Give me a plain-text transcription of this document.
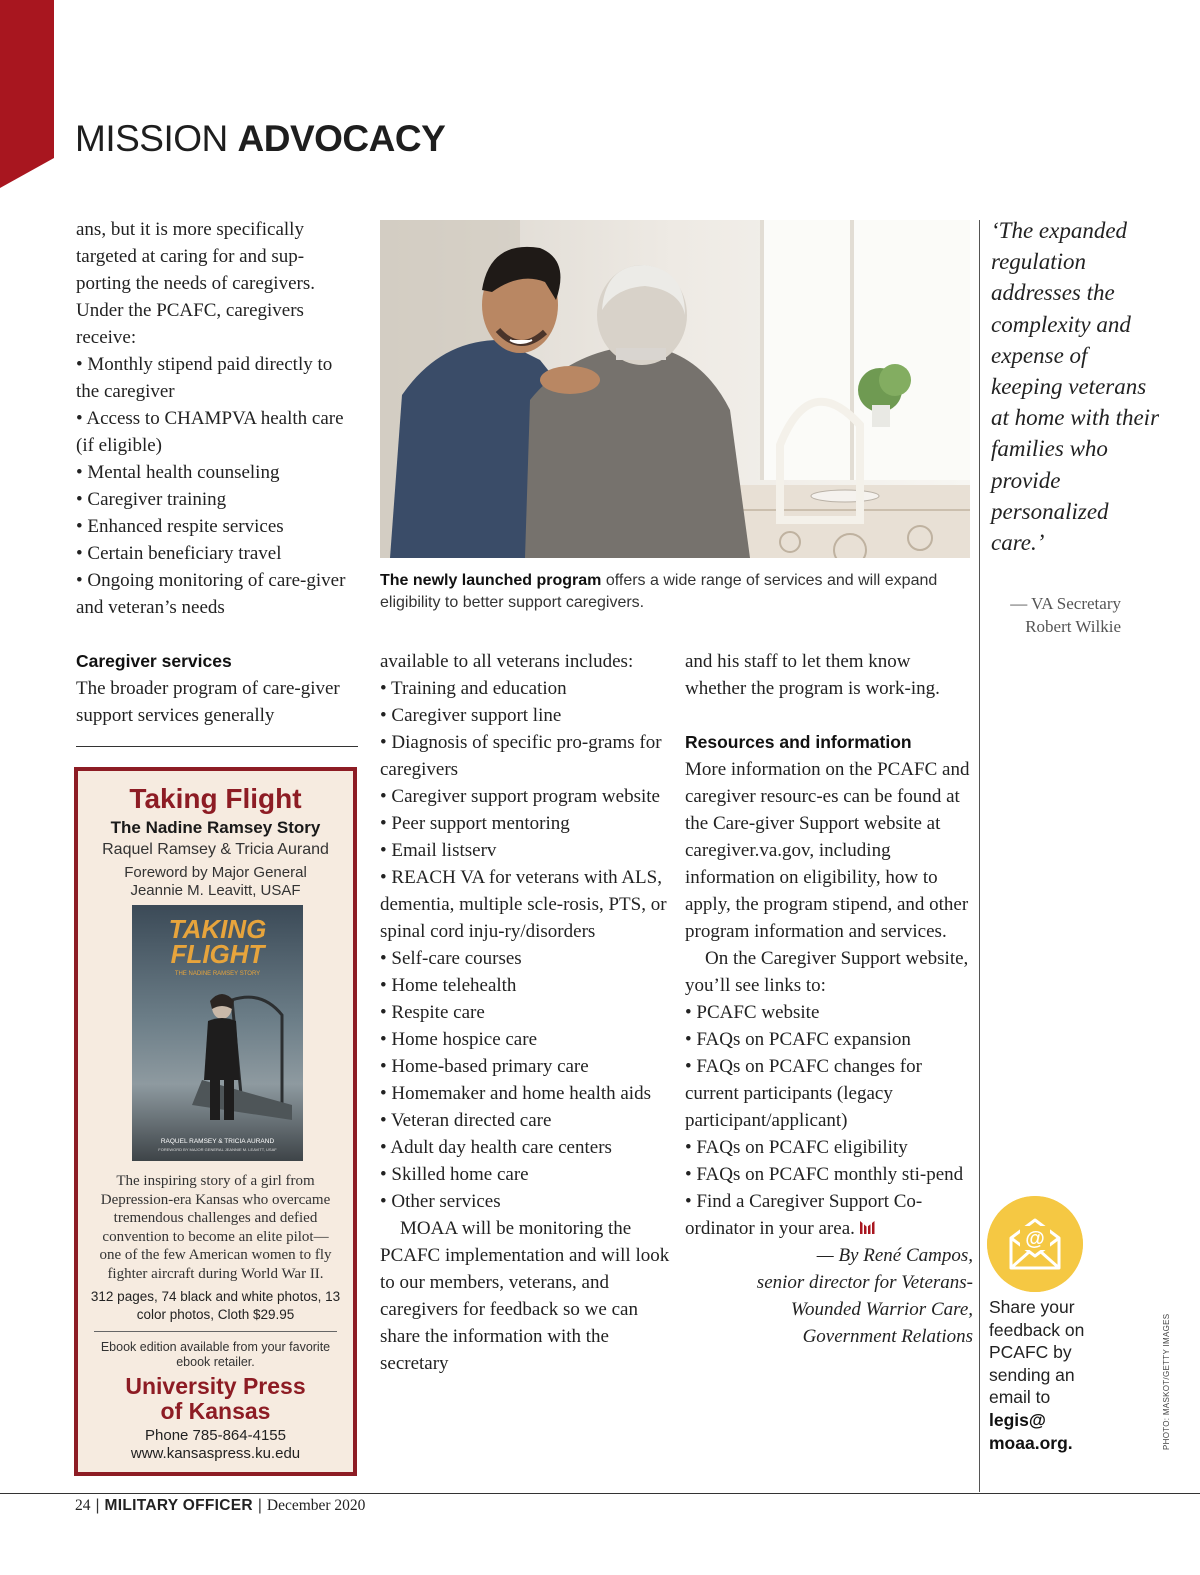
MISSION ADVOCACY

ans, but it is more specifically targeted at caring for and sup-porting the needs of caregivers. Under the PCAFC, caregivers receive:

• Monthly stipend paid directly to the caregiver

• Access to CHAMPVA health care (if eligible)

• Mental health counseling

• Caregiver training

• Enhanced respite services

• Certain beneficiary travel

• Ongoing monitoring of care-giver and veteran’s needs

Caregiver services

The broader program of care-giver support services generally

The newly launched program offers a wide range of services and will expand eligibility to better support caregivers.

available to all veterans includes:

• Training and education

• Caregiver support line

• Diagnosis of specific pro-grams for caregivers

• Caregiver support program website

• Peer support mentoring

• Email listserv

• REACH VA for veterans with ALS, dementia, multiple scle-rosis, PTS, or spinal cord inju-ry/disorders

• Self-care courses

• Home telehealth

• Respite care

• Home hospice care

• Home-based primary care

• Homemaker and home health aids

• Veteran directed care

• Adult day health care centers

• Skilled home care

• Other services

MOAA will be monitoring the PCAFC implementation and will look to our members, veterans, and caregivers for feedback so we can share the information with the secretary

and his staff to let them know whether the program is work-ing.

Resources and information

More information on the PCAFC and caregiver resourc-es can be found at the Care-giver Support website at caregiver.va.gov, including information on eligibility, how to apply, the program stipend, and other program information and services.

On the Caregiver Support website, you’ll see links to:

• PCAFC website

• FAQs on PCAFC expansion

• FAQs on PCAFC changes for current participants (legacy participant/applicant)

• FAQs on PCAFC eligibility

• FAQs on PCAFC monthly sti-pend

• Find a Caregiver Support Co-ordinator in your area.

— By René Campos,

senior director for Veterans-

Wounded Warrior Care,

Government Relations

‘The expanded regulation addresses the complexity and expense of keeping veterans at home with their families who provide personalized care.’
— VA Secretary Robert Wilkie
Taking Flight
The Nadine Ramsey Story
Raquel Ramsey & Tricia Aurand
Foreword by Major General Jeannie M. Leavitt, USAF
TAKING
FLIGHT
THE NADINE RAMSEY STORY
RAQUEL RAMSEY & TRICIA AURAND
FOREWORD BY MAJOR GENERAL JEANNIE M. LEAVITT, USAF
The inspiring story of a girl from Depression-era Kansas who overcame tremendous challenges and defied convention to become an elite pilot—one of the few American women to fly fighter aircraft during World War II.
312 pages, 74 black and white photos, 13 color photos, Cloth $29.95
Ebook edition available from your favorite ebook retailer.
University Press
of Kansas
Phone 785-864-4155
www.kansaspress.ku.edu
@
Share your feedback on PCAFC by sending an email to legis@
moaa.org.	PHOTO: MASKOT/GETTY IMAGES
24 | MILITARY OFFICER | December 2020
